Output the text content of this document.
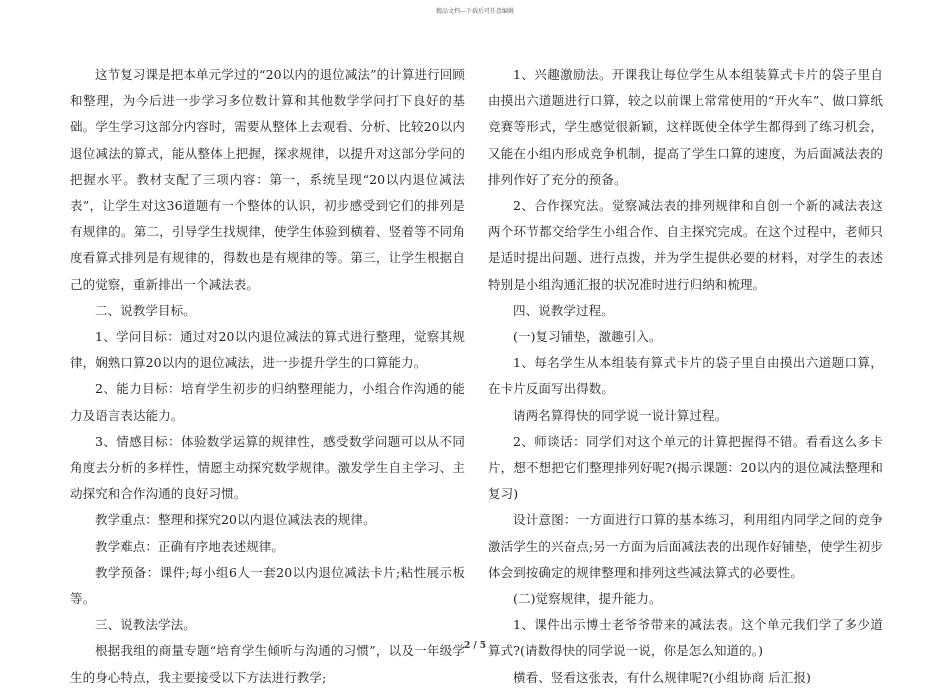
精品文档---下载后可任意编辑

这节复习课是把本单元学过的“20以内的退位减法”的计算进行回顾和整理，为今后进一步学习多位数计算和其他数学学问打下良好的基础。学生学习这部分内容时，需要从整体上去观看、分析、比较20以内退位减法的算式，能从整体上把握，探求规律，以提升对这部分学问的把握水平。教材支配了三项内容：第一，系统呈现“20以内退位减法表”，让学生对这36道题有一个整体的认识，初步感受到它们的排列是有规律的。第二，引导学生找规律，使学生体验到横着、竖着等不同角度看算式排列是有规律的，得数也是有规律的等。第三，让学生根据自己的觉察，重新排出一个减法表。

二、说教学目标。

1、学问目标：通过对20以内退位减法的算式进行整理，觉察其规律，娴熟口算20以内的退位减法，进一步提升学生的口算能力。

2、能力目标：培育学生初步的归纳整理能力，小组合作沟通的能力及语言表达能力。

3、情感目标：体验数学运算的规律性，感受数学问题可以从不同角度去分析的多样性，情愿主动探究数学规律。激发学生自主学习、主动探究和合作沟通的良好习惯。

教学重点：整理和探究20以内退位减法表的规律。

教学难点：正确有序地表述规律。

教学预备：课件;每小组6人一套20以内退位减法卡片;粘性展示板等。

三、说教法学法。

根据我组的商量专题“培育学生倾听与沟通的习惯”，以及一年级学生的身心特点，我主要接受以下方法进行教学;

1、兴趣激励法。开课我让每位学生从本组装算式卡片的袋子里自由摸出六道题进行口算，较之以前课上常常使用的“开火车”、做口算纸竞赛等形式，学生感觉很新颖，这样既使全体学生都得到了练习机会，又能在小组内形成竞争机制，提高了学生口算的速度，为后面减法表的排列作好了充分的预备。

2、合作探究法。觉察减法表的排列规律和自创一个新的减法表这两个环节都交给学生小组合作、自主探究完成。在这个过程中，老师只是适时提出问题、进行点拨，并为学生提供必要的材料，对学生的表述特别是小组沟通汇报的状况准时进行归纳和梳理。

四、说教学过程。

(一)复习铺垫，激趣引入。

1、每名学生从本组装有算式卡片的袋子里自由摸出六道题口算，在卡片反面写出得数。

请两名算得快的同学说一说计算过程。

2、师谈话：同学们对这个单元的计算把握得不错。看看这么多卡片，想不想把它们整理排列好呢?(揭示课题：20以内的退位减法整理和复习)

设计意图：一方面进行口算的基本练习，利用组内同学之间的竞争激活学生的兴奋点;另一方面为后面减法表的出现作好铺垫，使学生初步体会到按确定的规律整理和排列这些减法算式的必要性。

(二)觉察规律，提升能力。

1、课件出示博士老爷爷带来的减法表。这个单元我们学了多少道算式?(请数得快的同学说一说，你是怎么知道的。)

横看、竖看这张表，有什么规律呢?(小组协商 后汇报)

2 / 5
